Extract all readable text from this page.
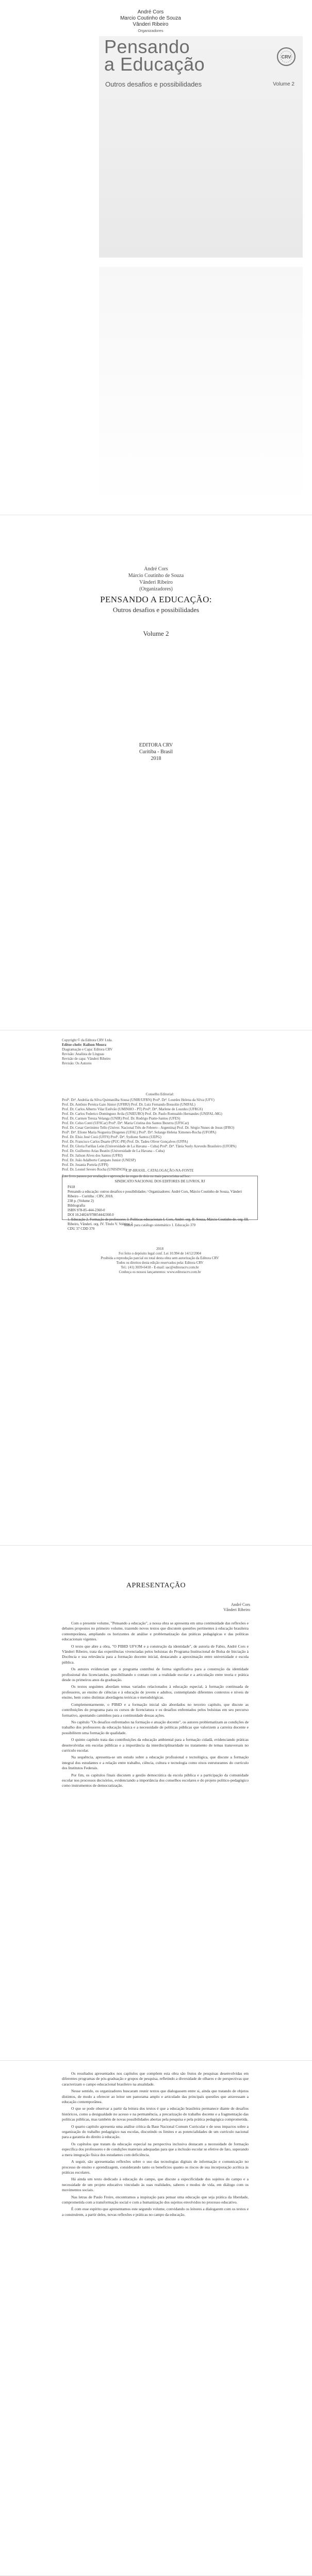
André Cors
Marcio Coutinho de Souza
Vânderi Ribeiro
Organizadores
Pensando
a Educação	CRV
Outros desafios e possibilidades	Volume 2
André Cors
Márcio Coutinho de Souza
Vânderi Ribeiro
(Organizadores)
PENSANDO A EDUCAÇÃO:
Outros desafios e possibilidades
Volume 2
EDITORA CRV
Curitiba - Brasil
2018
Copyright © da Editora CRV Ltda.
Editor-chefe: Railson Moura
Diagramação e Capa: Editora CRV
Revisão: Analista de Línguas
Revisão de capa: Vânderi Ribeiro
Revisão: Os Autores
Conselho Editorial:
Profª. Drª. Andréia da Silva Quintanilha Sousa (UNIR/UFRN) Profª. Drª. Lourdes Helena da Silva (UFV)
Prof. Dr. Antônio Pereira Gaio Júnior (UFRRJ) Prof. Dr. Luiz Fernando Bossolin (UNIFAL)
Prof. Dr. Carlos Alberto Vilar Estêvão (UMINHO - PT) Profª. Drª. Marlene de Lourdes (UFRGS)
Prof. Dr. Carlos Federico Domínguez Avila (UNIEURO) Prof. Dr. Paulo Romualdo Hernandes (UNIFAL-MG)
Prof. Dr. Carmen Tereza Velanga (UNIR) Prof. Dr. Rodrigo Pratte-Santos (UFES)
Prof. Dr. Celso Conti (UFSCar) Profª. Drª. Maria Cristina dos Santos Bezerra (UFSCar)
Prof. Dr. Cesar Gerónimo Tello (Univer. Nacional Três de Febrero - Argentina) Prof. Dr. Sérgio Nunes de Jesus (IFRO)
Profª. Drª. Elione Maria Nogueira Diogenes (UFAL) Profª. Drª. Solange Helena Ximenes-Rocha (UFOPA)
Prof. Dr. Élsio José Corá (UFFS) Profª. Drª. Sydione Santos (UEPG)
Prof. Dr. Francisco Carlos Duarte (PUC-PR) Prof. Dr. Tadeu Oliver Gonçalves (UFPA)
Prof. Dr. Gloria Fariñas León (Universidade de La Havana – Cuba) Profª. Drª. Tânia Suely Azevedo Brasileiro (UFOPA)
Prof. Dr. Guillermo Arias Beatón (Universidade de La Havana – Cuba)
Prof. Dr. Jailson Alves dos Santos (UFRJ)
Prof. Dr. João Adalberto Campato Junior (UNESP)
Prof. Dr. Josania Portela (UFPI)
Prof. Dr. Leonel Severo Rocha (UNISINOS)
Este livro passou por avaliação e aprovação às cegas de dois ou mais pareceristas ad hoc.
CIP-BRASIL. CATALOGAÇÃO-NA-FONTE
SINDICATO NACIONAL DOS EDITORES DE LIVROS, RJ
P418
Pensando a educação: outros desafios e possibilidades / Organizadores: André Cors, Márcio Coutinho de Souza, Vânderi Ribeiro – Curitiba : CRV, 2018.
238 p. (Volume 2)
Bibliografia
ISBN 978-85-444-2360-0
DOI 10.24824/978854442360.0
1. Educação 2. Formação de professores 3. Políticas educacionais I. Cors, André. org. II. Souza, Márcio Coutinho de. org. III. Ribeiro, Vânderi. org. IV. Título V. Volume 2
CDU 37 CDD 370
Índice para catálogo sistemático 1. Educação 370
2018
Foi feito o depósito legal conf. Lei 10.994 de 14/12/2004
Proibida a reprodução parcial ou total desta obra sem autorização da Editora CRV
Todos os direitos desta edição reservados pela: Editora CRV
Tel.: (41) 3039-6418 - E-mail: sac@editoracrv.com.br
Conheça os nossos lançamentos: www.editoracrv.com.br
APRESENTAÇÃO
André Cors
Vânderi Ribeiro

Com o presente volume, "Pensando a educação", a nossa obra se apresenta em uma continuidade das reflexões e debates propostos no primeiro volume, trazendo novos textos que discutem questões pertinentes à educação brasileira contemporânea, ampliando os horizontes de análise e problematização das práticas pedagógicas e das políticas educacionais vigentes.

O texto que abre a obra, "O PIBID UFVJM e a construção da identidade", de autoria de Fabio, André Cors e Vânderi Ribeiro, trata das experiências vivenciadas pelos bolsistas do Programa Institucional de Bolsa de Iniciação à Docência e sua relevância para a formação docente inicial, destacando a aproximação entre universidade e escola pública.

Os autores evidenciam que o programa contribui de forma significativa para a construção da identidade profissional dos licenciandos, possibilitando o contato com a realidade escolar e a articulação entre teoria e prática desde os primeiros anos da graduação.

Os textos seguintes abordam temas variados relacionados à educação especial, à formação continuada de professores, ao ensino de ciências e à educação de jovens e adultos, contemplando diferentes contextos e níveis de ensino, bem como distintas abordagens teóricas e metodológicas.

Complementarmente, o PIBID e a formação inicial são abordados no terceiro capítulo, que discute as contribuições do programa para os cursos de licenciatura e os desafios enfrentados pelos bolsistas em seu percurso formativo, apontando caminhos para a continuidade dessas ações.

No capítulo "Os desafios enfrentados na formação e atuação docente", os autores problematizam as condições de trabalho dos professores da educação básica e a necessidade de políticas públicas que valorizem a carreira docente e possibilitem uma formação de qualidade.

O quinto capítulo trata das contribuições da educação ambiental para a formação cidadã, evidenciando práticas desenvolvidas em escolas públicas e a importância da interdisciplinaridade no tratamento de temas transversais no currículo escolar.

Na sequência, apresenta-se um estudo sobre a educação profissional e tecnológica, que discute a formação integral dos estudantes e a relação entre trabalho, ciência, cultura e tecnologia como eixos estruturantes do currículo dos Institutos Federais.

Por fim, os capítulos finais discutem a gestão democrática da escola pública e a participação da comunidade escolar nos processos decisórios, evidenciando a importância dos conselhos escolares e do projeto político-pedagógico como instrumentos de democratização.

Os resultados apresentados nos capítulos que compõem esta obra são frutos de pesquisas desenvolvidas em diferentes programas de pós-graduação e grupos de pesquisa, refletindo a diversidade de olhares e de perspectivas que caracterizam o campo educacional brasileiro na atualidade.

Nesse sentido, os organizadores buscaram reunir textos que dialogassem entre si, ainda que tratando de objetos distintos, de modo a oferecer ao leitor um panorama amplo e articulado das principais questões que atravessam a educação contemporânea.

O que se pode observar a partir da leitura dos textos é que a educação brasileira permanece diante de desafios históricos, como a desigualdade no acesso e na permanência, a precarização do trabalho docente e a fragmentação das políticas públicas, mas também de novas possibilidades abertas pela pesquisa e pela prática pedagógica comprometida.

O quarto capítulo apresenta uma análise crítica da Base Nacional Comum Curricular e de seus impactos sobre a organização do trabalho pedagógico nas escolas, discutindo os limites e as potencialidades de um currículo nacional para a garantia do direito à educação.

Os capítulos que tratam da educação especial na perspectiva inclusiva destacam a necessidade de formação específica dos professores e de condições materiais adequadas para que a inclusão escolar se efetive de fato, superando a mera integração física dos estudantes com deficiência.

A seguir, são apresentadas reflexões sobre o uso das tecnologias digitais de informação e comunicação no processo de ensino e aprendizagem, considerando tanto os benefícios quanto os riscos de sua incorporação acrítica às práticas escolares.

Há ainda um texto dedicado à educação do campo, que discute a especificidade dos sujeitos do campo e a necessidade de um projeto educativo vinculado às suas realidades, saberes e modos de vida, em diálogo com os movimentos sociais.

Nas letras de Paulo Freire, encontramos a inspiração para pensar uma educação que seja prática da liberdade, comprometida com a transformação social e com a humanização dos sujeitos envolvidos no processo educativo.

É com esse espírito que apresentamos este segundo volume, convidando os leitores a dialogarem com os textos e a construírem, a partir deles, novas reflexões e práticas no campo da educação.
